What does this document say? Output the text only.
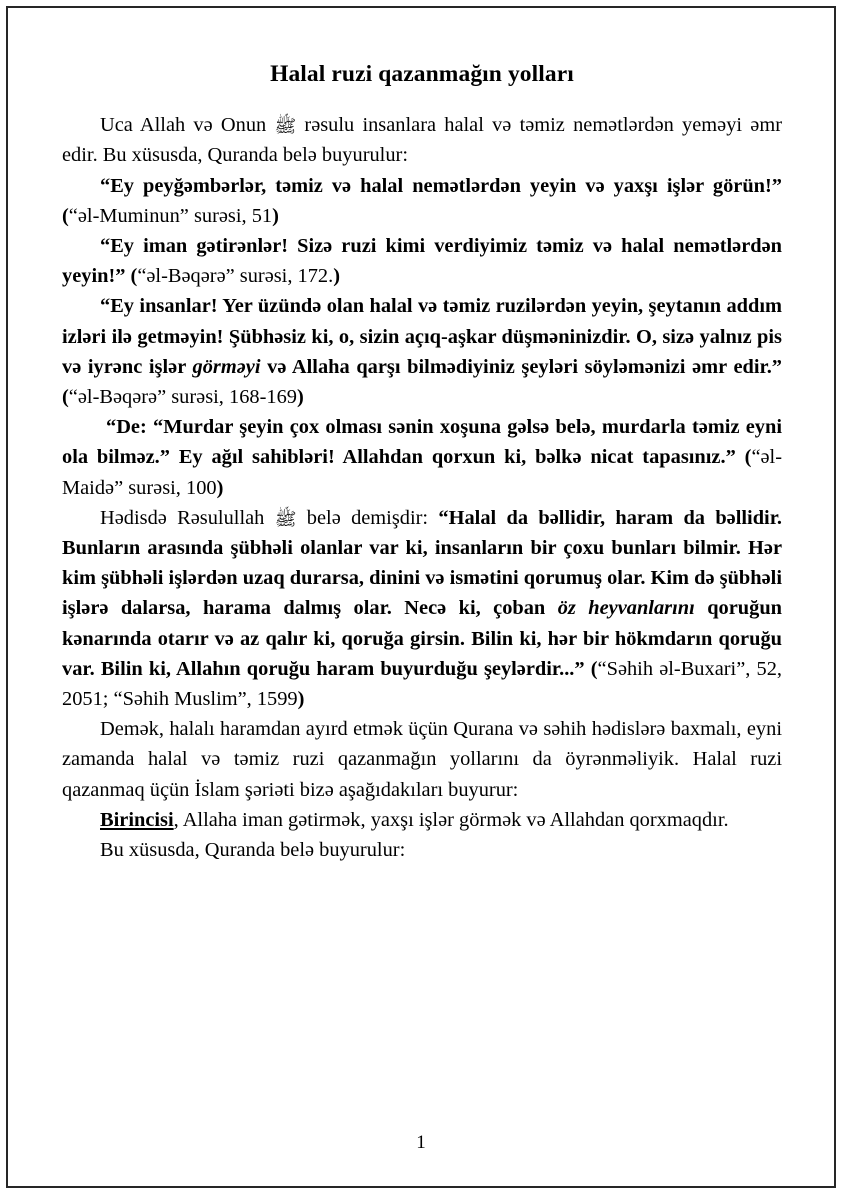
Halal ruzi qazanmağın yolları

Uca Allah və Onun ﷺ rəsulu insanlara halal və təmiz nemətlərdən yeməyi əmr edir. Bu xüsusda, Quranda belə buyurulur:

“Ey peyğəmbərlər, təmiz və halal nemətlərdən yeyin və yaxşı işlər görün!” (“əl-Muminun” surəsi, 51)

“Ey iman gətirənlər! Sizə ruzi kimi verdiyimiz təmiz və halal nemətlərdən yeyin!” (“əl-Bəqərə” surəsi, 172.)

“Ey insanlar! Yer üzündə olan halal və təmiz ruzilərdən yeyin, şeytanın addım izləri ilə getməyin! Şübhəsiz ki, o, sizin açıq-aşkar düşməninizdir. O, sizə yalnız pis və iyrənc işlər görməyi və Allaha qarşı bilmədiyiniz şeyləri söyləmənizi əmr edir.” (“əl-Bəqərə” surəsi, 168-169)

“De: “Murdar şeyin çox olması sənin xoşuna gəlsə belə, murdarla təmiz eyni ola bilməz.” Ey ağıl sahibləri! Allahdan qorxun ki, bəlkə nicat tapasınız.” (“əl-Maidə” surəsi, 100)

Hədisdə Rəsulullah ﷺ belə demişdir: “Halal da bəllidir, haram da bəllidir. Bunların arasında şübhəli olanlar var ki, insanların bir çoxu bunları bilmir. Hər kim şübhəli işlərdən uzaq durarsa, dinini və ismətini qorumuş olar. Kim də şübhəli işlərə dalarsa, harama dalmış olar. Necə ki, çoban öz heyvanlarını qoruğun kənarında otarır və az qalır ki, qoruğa girsin. Bilin ki, hər bir hökmdarın qoruğu var. Bilin ki, Allahın qoruğu haram buyurduğu şeylərdir...” (“Səhih əl-Buxari”, 52, 2051; “Səhih Muslim”, 1599)

Demək, halalı haramdan ayırd etmək üçün Qurana və səhih hədislərə baxmalı, eyni zamanda halal və təmiz ruzi qazanmağın yollarını da öyrənməliyik. Halal ruzi qazanmaq üçün İslam şəriəti bizə aşağıdakıları buyurur:

Birincisi, Allaha iman gətirmək, yaxşı işlər görmək və Allahdan qorxmaqdır.

Bu xüsusda, Quranda belə buyurulur:

1
